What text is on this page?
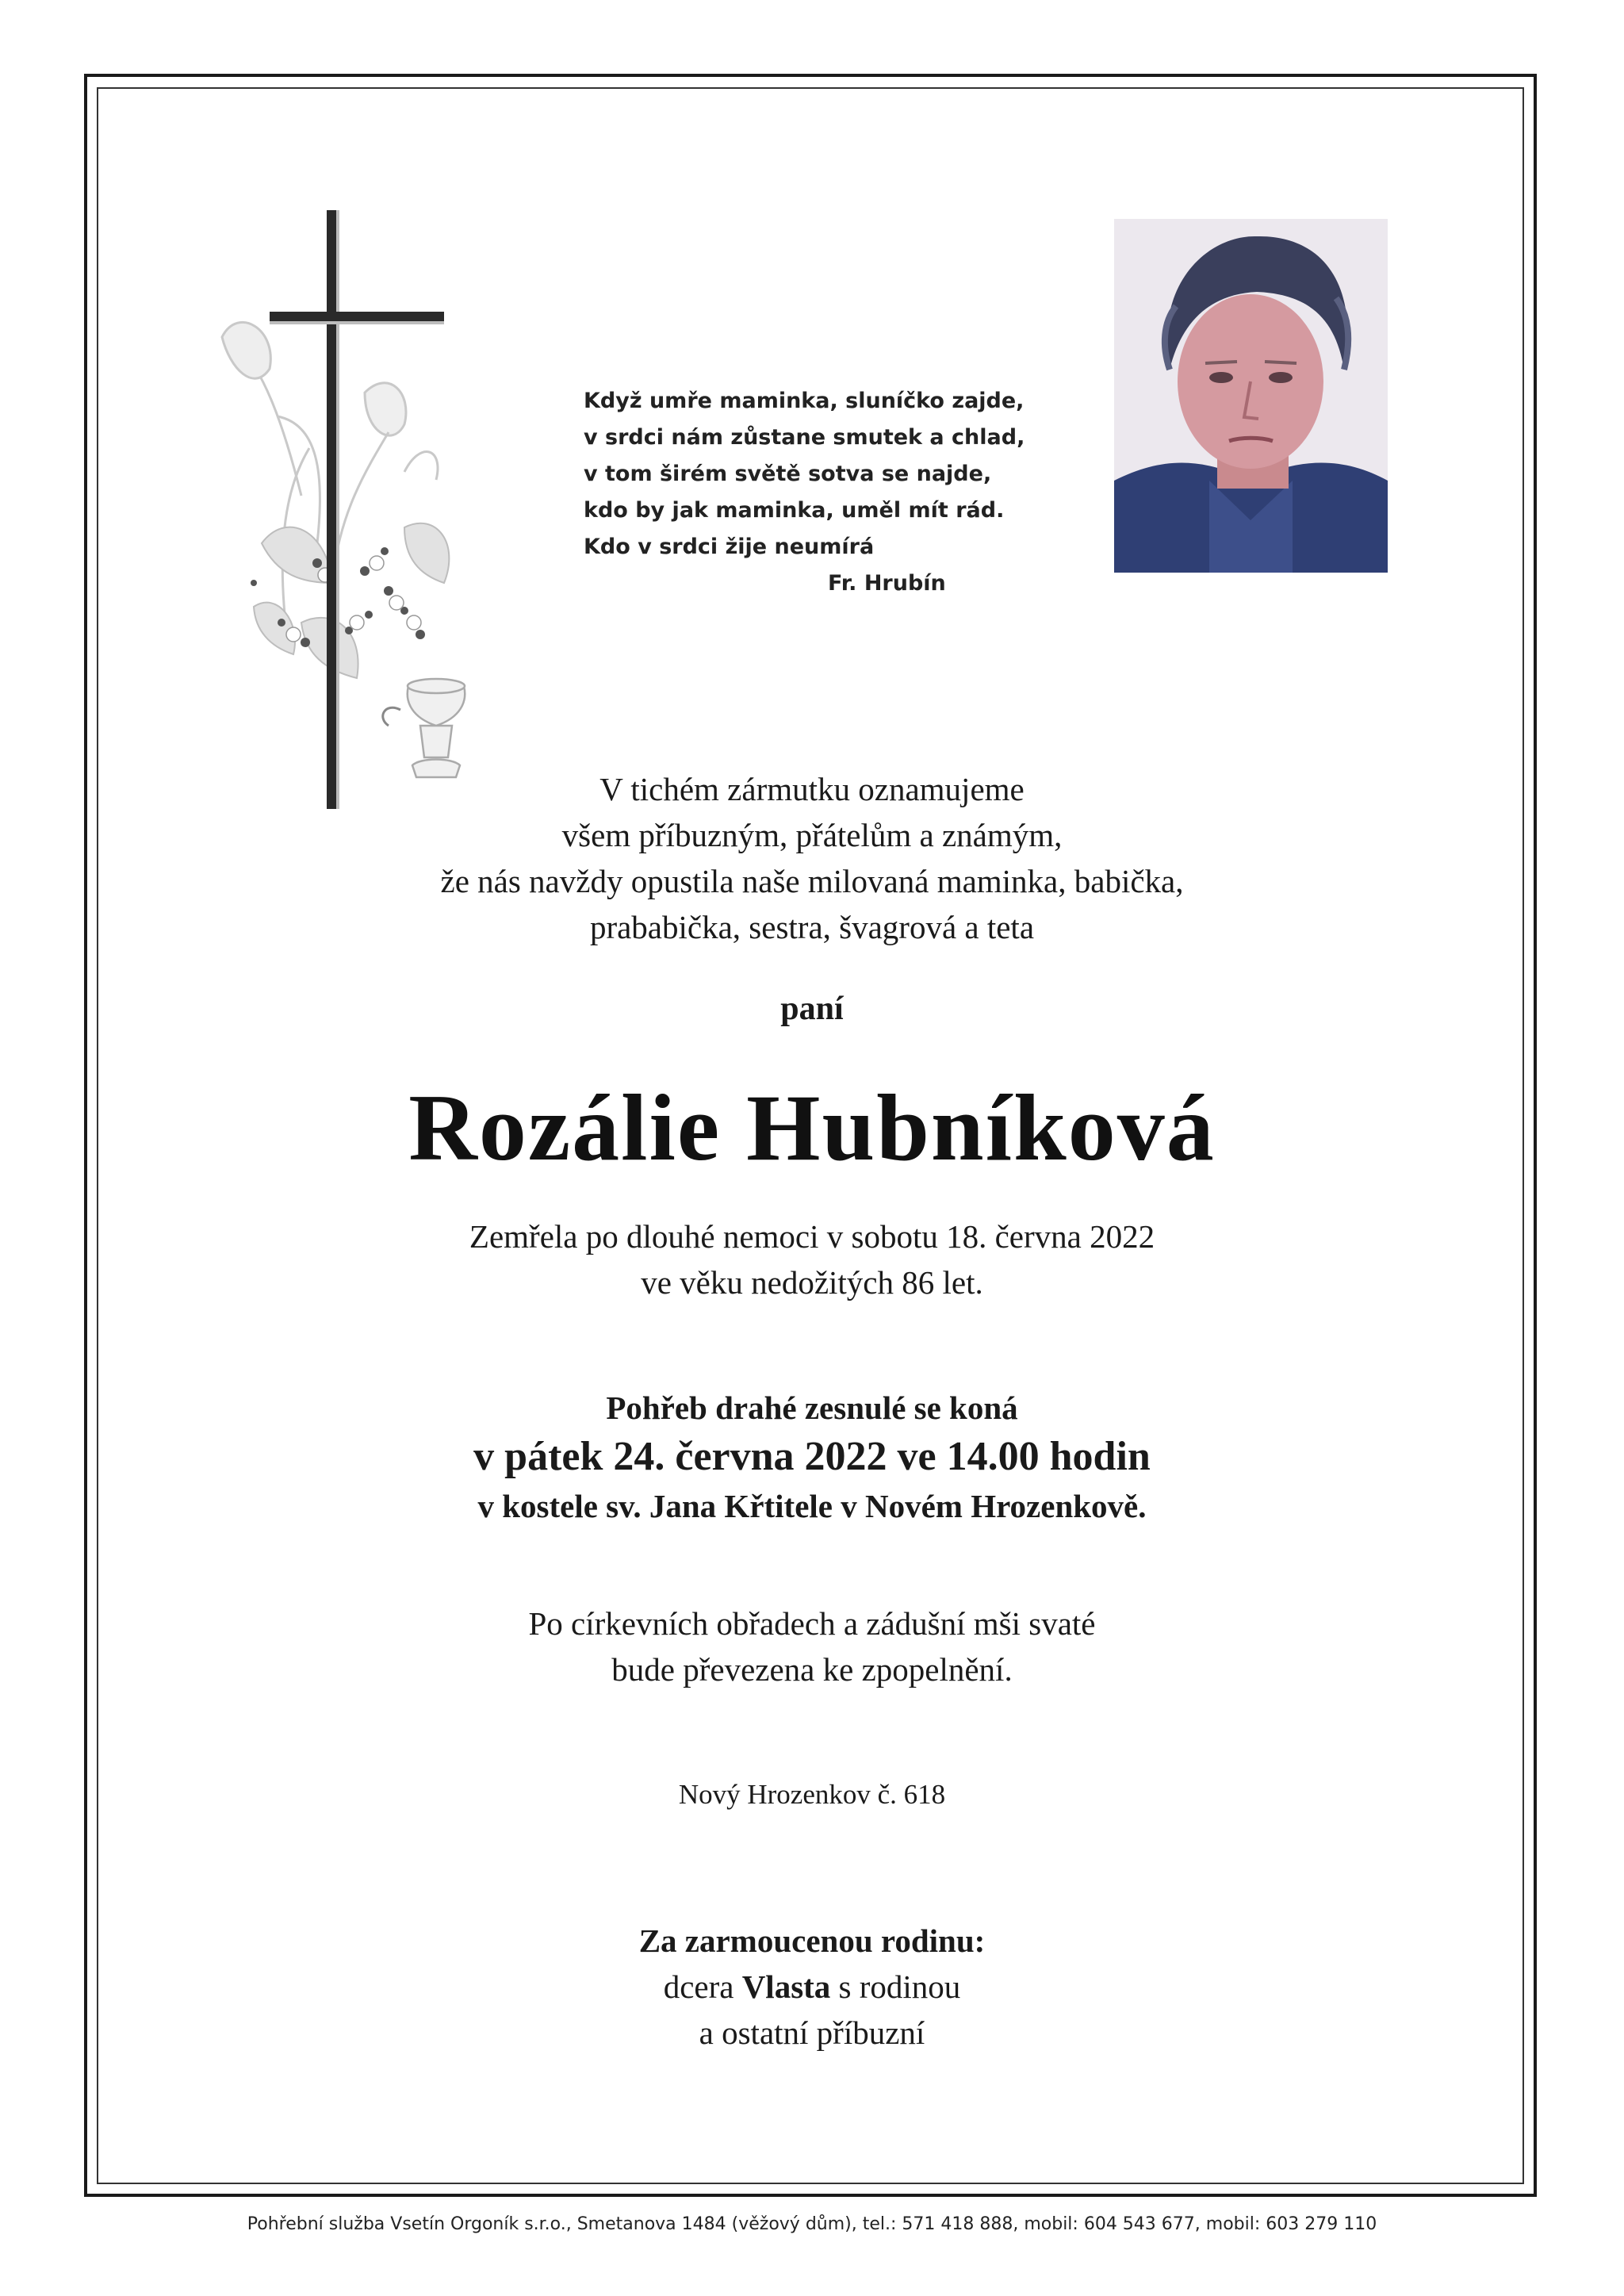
Když umře maminka, sluníčko zajde,
v srdci nám zůstane smutek a chlad,
v tom širém světě sotva se najde,
kdo by jak maminka, uměl mít rád.
Kdo v srdci žije neumírá
Fr. Hrubín
V tichém zármutku oznamujeme
všem příbuzným, přátelům a známým,
že nás navždy opustila naše milovaná maminka, babička,
prababička, sestra, švagrová a teta
paní
Rozálie Hubníková
Zemřela po dlouhé nemoci v sobotu 18. června 2022
ve věku nedožitých 86 let.
Pohřeb drahé zesnulé se koná
v pátek 24. června 2022 ve 14.00 hodin
v kostele sv. Jana Křtitele v Novém Hrozenkově.
Po církevních obřadech a zádušní mši svaté
bude převezena ke zpopelnění.
Nový Hrozenkov č. 618
Za zarmoucenou rodinu:
dcera Vlasta s rodinou
a ostatní příbuzní
Pohřební služba Vsetín Orgoník s.r.o., Smetanova 1484 (věžový dům), tel.: 571 418 888, mobil: 604 543 677, mobil: 603 279 110
